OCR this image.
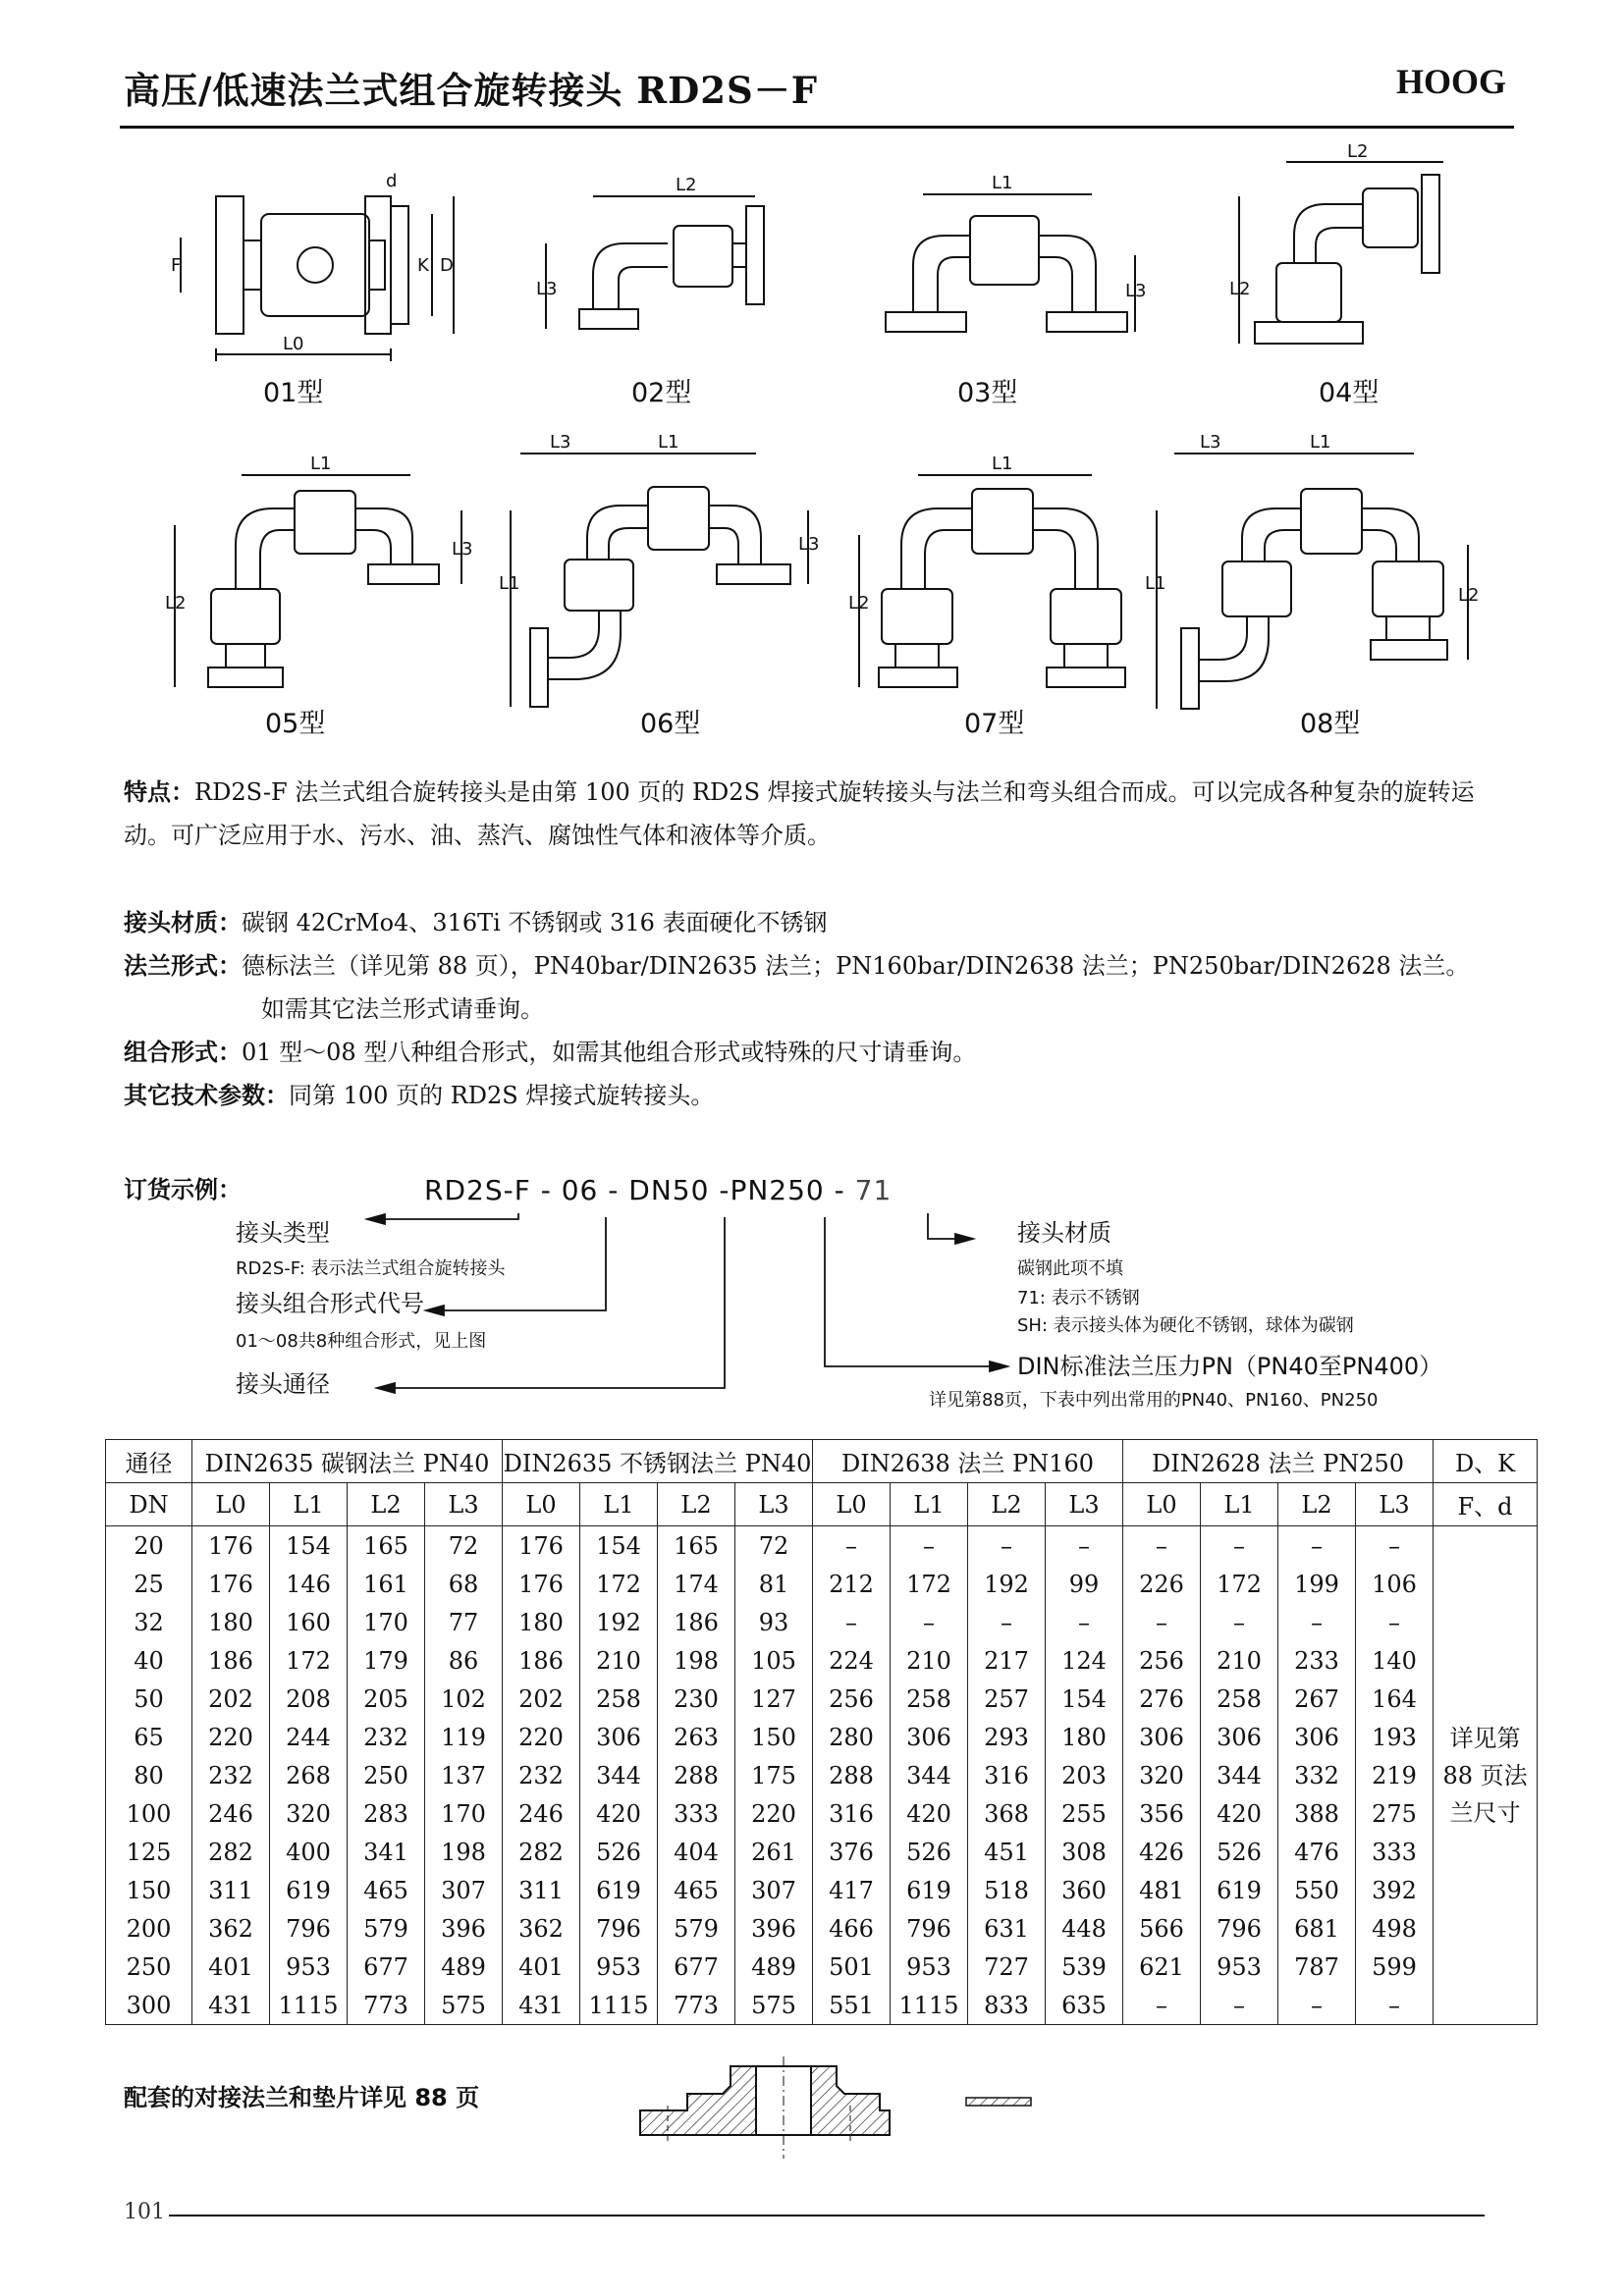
高压/低速法兰式组合旋转接头 RD2S－F	HOOG
F
L0
K D
d	L2
L3
L1
L3
L2
L2
L1
L2
L3
L3	L1
L1
L3
L1
L2
L3	L1
L1
L2
01型	02型	03型	04型
05型	06型	07型	08型
特点：RD2S-F 法兰式组合旋转接头是由第 100 页的 RD2S 焊接式旋转接头与法兰和弯头组合而成。可以完成各种复杂的旋转运动。可广泛应用于水、污水、油、蒸汽、腐蚀性气体和液体等介质。
接头材质：碳钢 42CrMo4、316Ti 不锈钢或 316 表面硬化不锈钢
法兰形式：德标法兰（详见第 88 页），PN40bar/DIN2635 法兰；PN160bar/DIN2638 法兰；PN250bar/DIN2628 法兰。
如需其它法兰形式请垂询。
组合形式：01 型～08 型八种组合形式，如需其他组合形式或特殊的尺寸请垂询。
其它技术参数：同第 100 页的 RD2S 焊接式旋转接头。
订货示例：	RD2S-F - 06 - DN50 -PN250 - 71
接头类型
接头组合形式代号
接头通径
接头材质
DIN标准法兰压力PN（PN40至PN400）
RD2S-F: 表示法兰式组合旋转接头
01～08共8种组合形式，见上图
碳钢此项不填
71: 表示不锈钢
SH: 表示接头体为硬化不锈钢，球体为碳钢
详见第88页，下表中列出常用的PN40、PN160、PN250
通径	DIN2635 碳钢法兰 PN40				DIN2635 不锈钢法兰 PN40				DIN2638 法兰 PN160				DIN2628 法兰 PN250				D、K
DN	L0	L1	L2	L3	L0	L1	L2	L3	L0	L1	L2	L3	L0	L1	L2	L3	F、d
20	176	154	165	72	176	154	165	72	–	–	–	–	–	–	–	–	详见第
88 页法
兰尺寸

25	176	146	161	68	176	172	174	81	212	172	192	99	226	172	199	106	
32	180	160	170	77	180	192	186	93	–	–	–	–	–	–	–	–	
40	186	172	179	86	186	210	198	105	224	210	217	124	256	210	233	140	
50	202	208	205	102	202	258	230	127	256	258	257	154	276	258	267	164	
65	220	244	232	119	220	306	263	150	280	306	293	180	306	306	306	193	
80	232	268	250	137	232	344	288	175	288	344	316	203	320	344	332	219	
100	246	320	283	170	246	420	333	220	316	420	368	255	356	420	388	275	
125	282	400	341	198	282	526	404	261	376	526	451	308	426	526	476	333	
150	311	619	465	307	311	619	465	307	417	619	518	360	481	619	550	392	
200	362	796	579	396	362	796	579	396	466	796	631	448	566	796	681	498	
250	401	953	677	489	401	953	677	489	501	953	727	539	621	953	787	599	
300	431	1115	773	575	431	1115	773	575	551	1115	833	635	–	–	–	–	
配套的对接法兰和垫片详见 88 页
101
